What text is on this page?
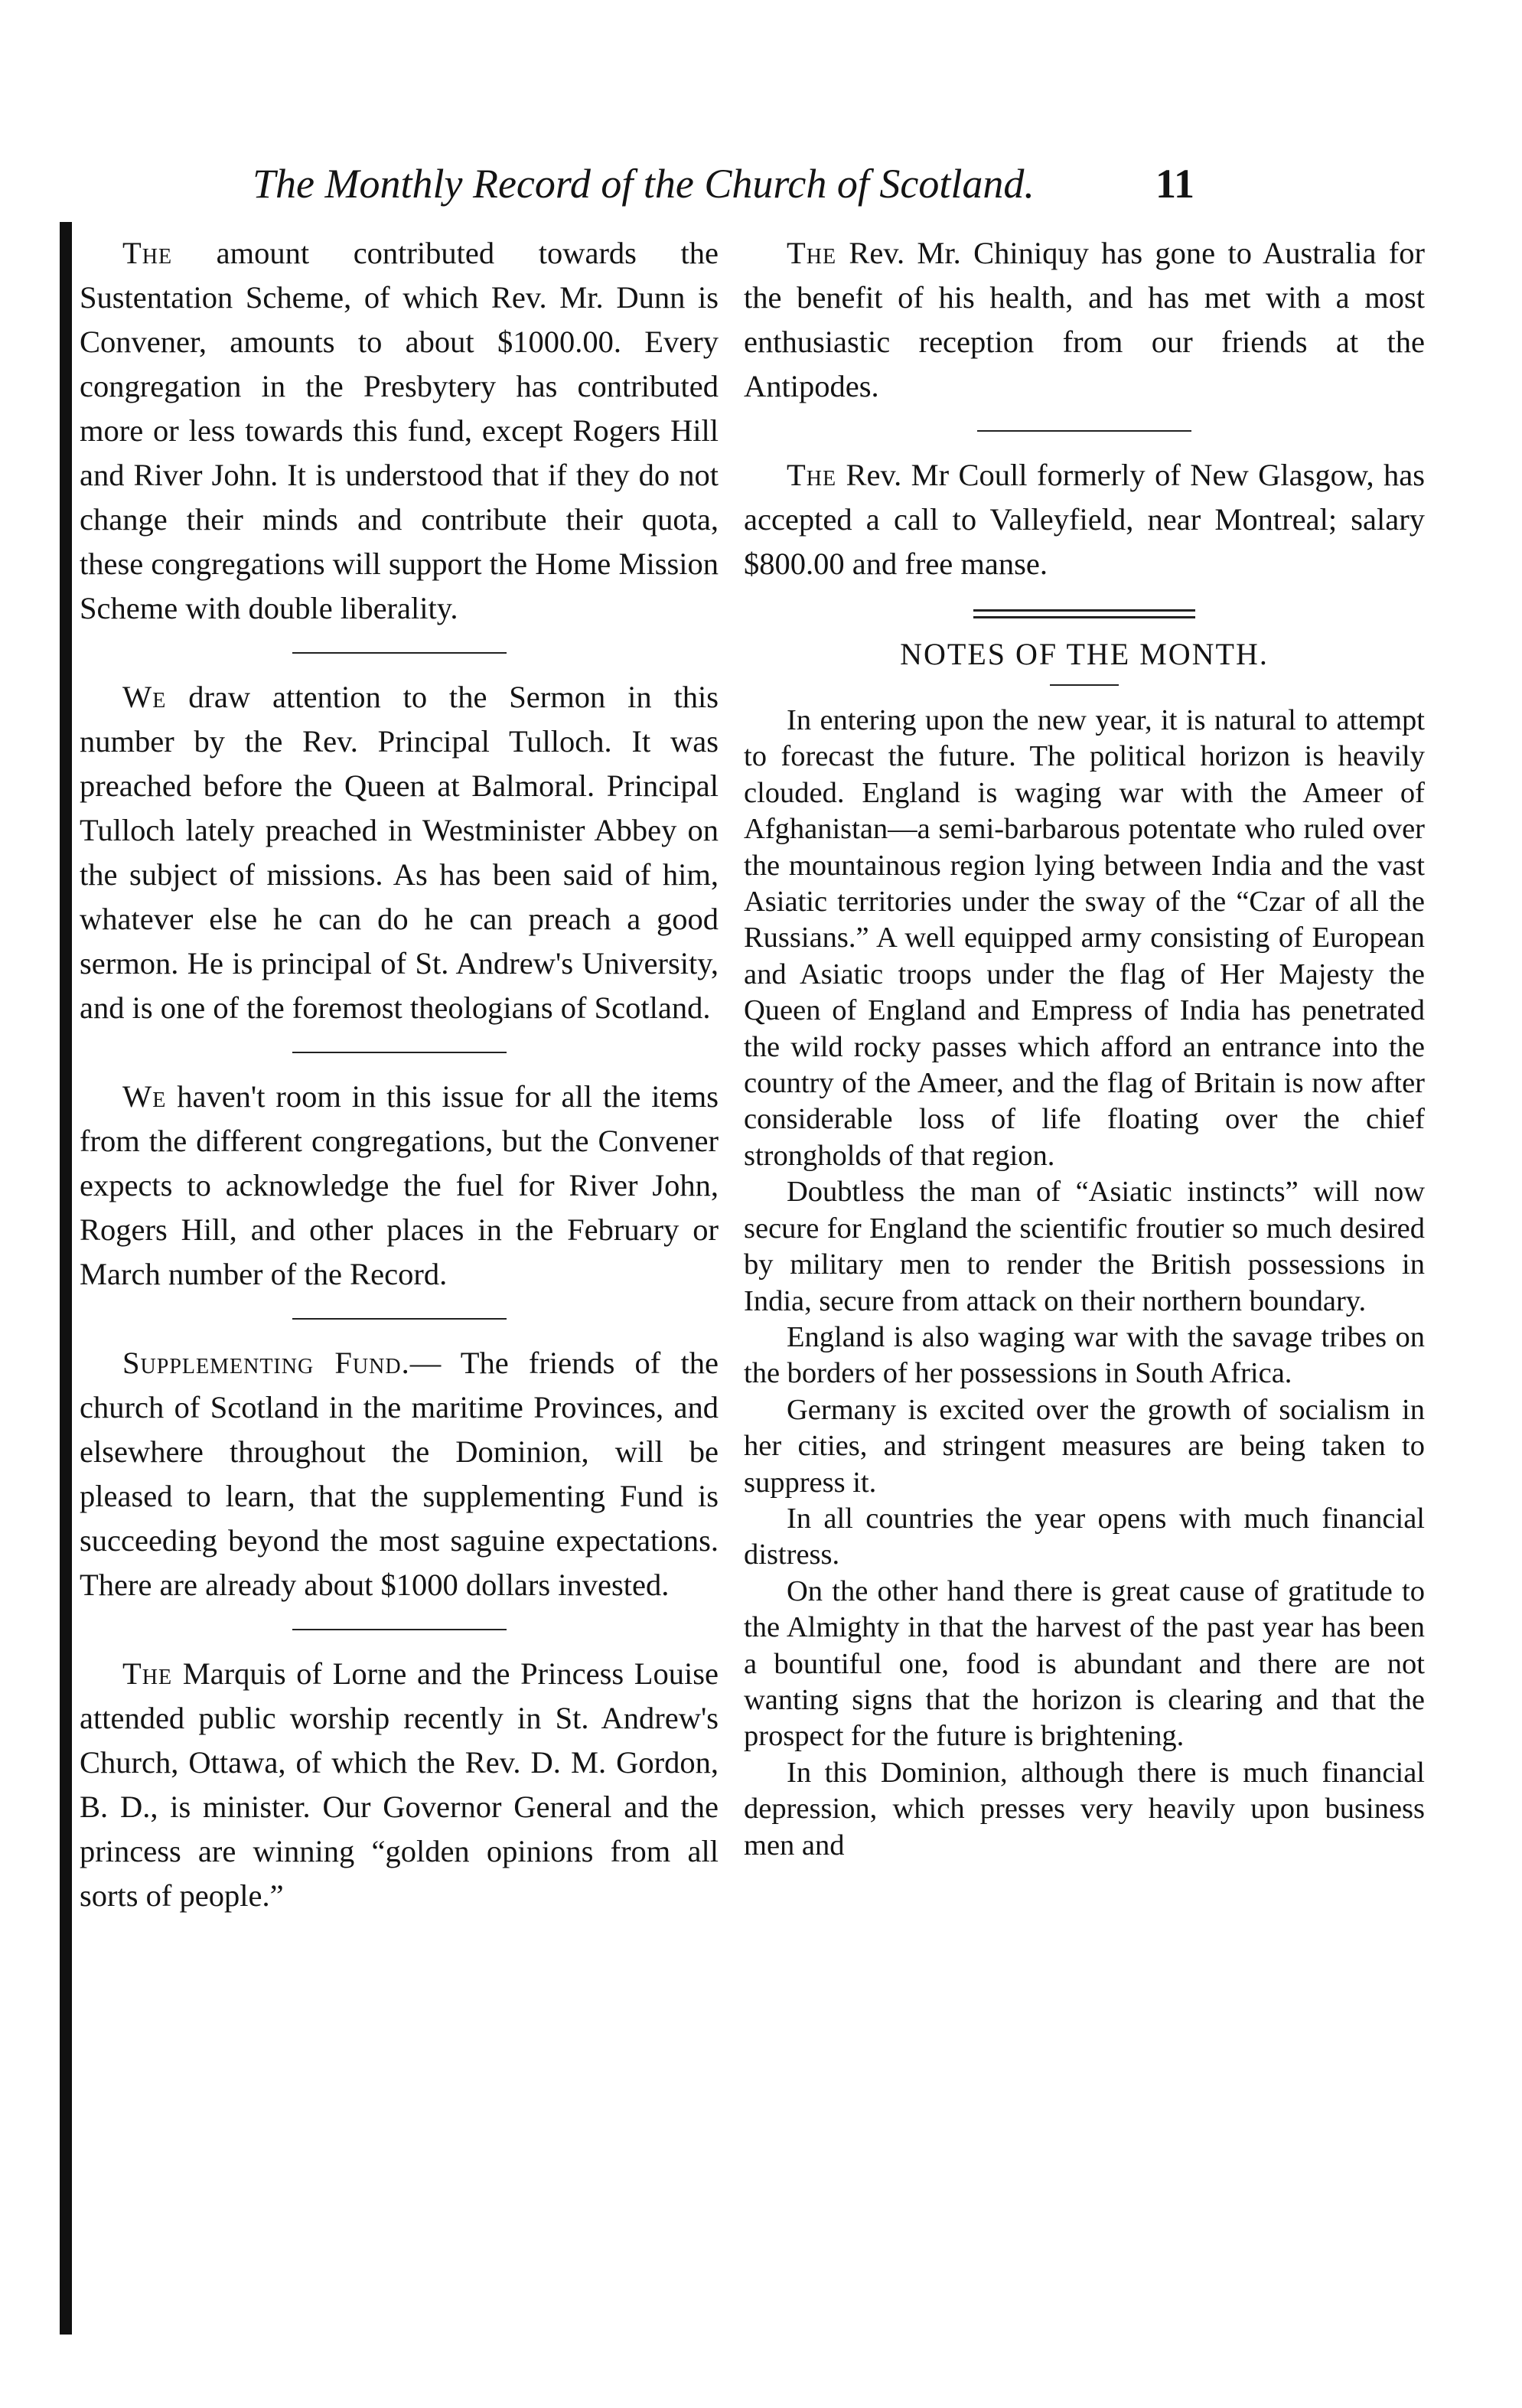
The Monthly Record of the Church of Scotland.	11

The amount contributed towards the Sustentation Scheme, of which Rev. Mr. Dunn is Convener, amounts to about $1000.00. Every congregation in the Presbytery has contributed more or less towards this fund, except Rogers Hill and River John. It is understood that if they do not change their minds and contribute their quota, these congregations will support the Home Mission Scheme with double liberality.

We draw attention to the Sermon in this number by the Rev. Principal Tulloch. It was preached before the Queen at Balmoral. Principal Tulloch lately preached in Westminister Abbey on the subject of missions. As has been said of him, whatever else he can do he can preach a good sermon. He is principal of St. Andrew's University, and is one of the foremost theologians of Scotland.

We haven't room in this issue for all the items from the different congregations, but the Convener expects to acknowledge the fuel for River John, Rogers Hill, and other places in the February or March number of the Record.

Supplementing Fund.— The friends of the church of Scotland in the maritime Provinces, and elsewhere throughout the Dominion, will be pleased to learn, that the supplementing Fund is succeeding beyond the most saguine expectations. There are already about $1000 dollars invested.

The Marquis of Lorne and the Princess Louise attended public worship recently in St. Andrew's Church, Ottawa, of which the Rev. D. M. Gordon, B. D., is minister. Our Governor General and the princess are winning “golden opinions from all sorts of people.”

The Rev. Mr. Chiniquy has gone to Australia for the benefit of his health, and has met with a most enthusiastic reception from our friends at the Antipodes.

The Rev. Mr Coull formerly of New Glasgow, has accepted a call to Valleyfield, near Montreal; salary $800.00 and free manse.

NOTES OF THE MONTH.

In entering upon the new year, it is natural to attempt to forecast the future. The political horizon is heavily clouded. England is waging war with the Ameer of Afghanistan—a semi-barbarous potentate who ruled over the mountainous region lying between India and the vast Asiatic territories under the sway of the “Czar of all the Russians.” A well equipped army consisting of European and Asiatic troops under the flag of Her Majesty the Queen of England and Empress of India has penetrated the wild rocky passes which afford an entrance into the country of the Ameer, and the flag of Britain is now after considerable loss of life floating over the chief strongholds of that region.

Doubtless the man of “Asiatic instincts” will now secure for England the scientific froutier so much desired by military men to render the British possessions in India, secure from attack on their northern boundary.

England is also waging war with the savage tribes on the borders of her possessions in South Africa.

Germany is excited over the growth of socialism in her cities, and stringent measures are being taken to suppress it.

In all countries the year opens with much financial distress.

On the other hand there is great cause of gratitude to the Almighty in that the harvest of the past year has been a bountiful one, food is abundant and there are not wanting signs that the horizon is clearing and that the prospect for the future is brightening.

In this Dominion, although there is much financial depression, which presses very heavily upon business men and
